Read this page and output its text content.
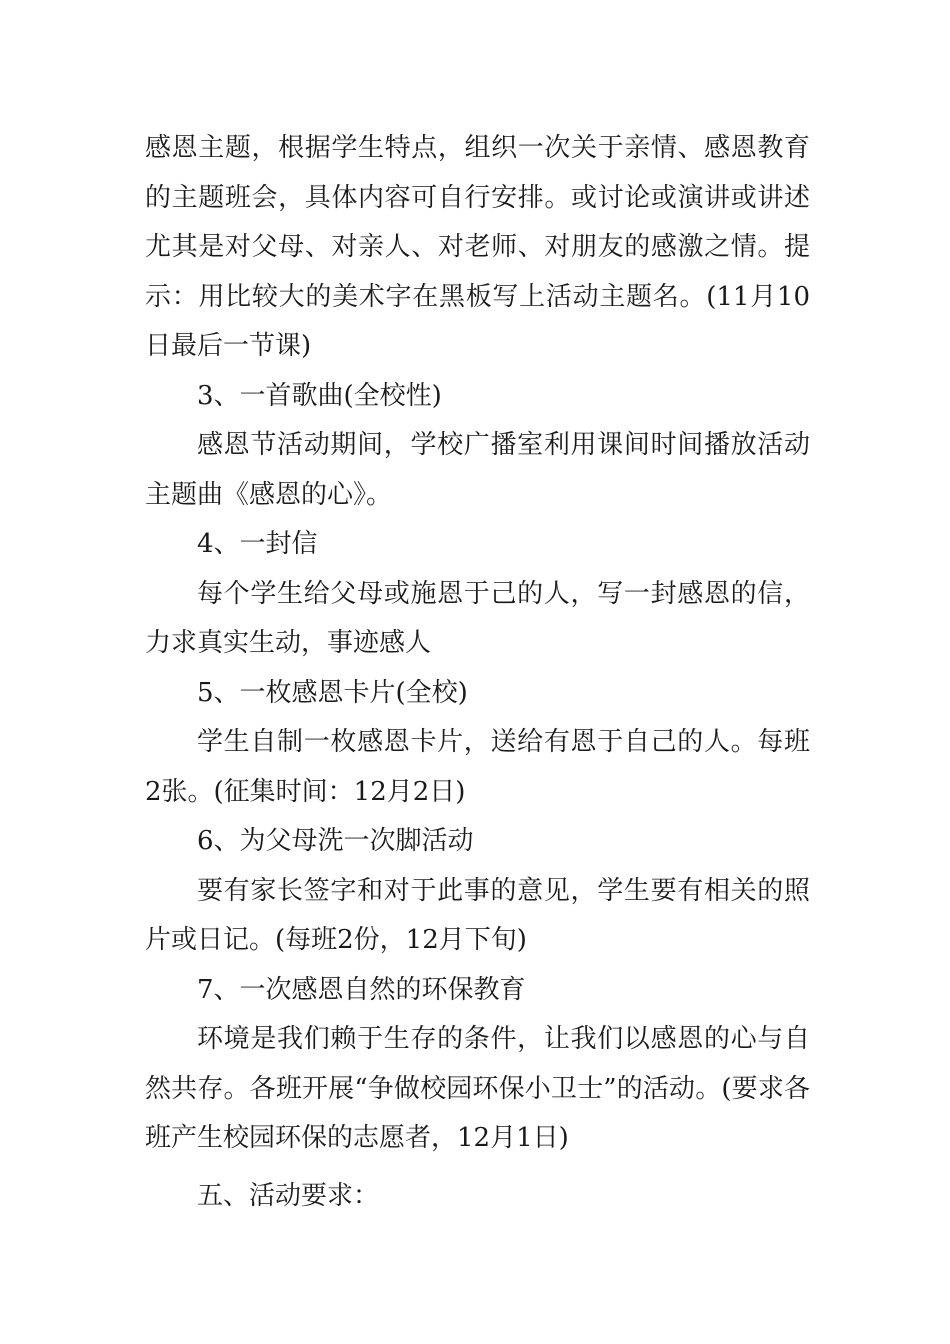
感恩主题，根据学生特点，组织一次关于亲情、感恩教育的主题班会，具体内容可自行安排。或讨论或演讲或讲述尤其是对父母、对亲人、对老师、对朋友的感激之情。提示：用比较大的美术字在黑板写上活动主题名。(11月10日最后一节课)

3、一首歌曲(全校性)

感恩节活动期间，学校广播室利用课间时间播放活动主题曲《感恩的心》。

4、一封信

每个学生给父母或施恩于己的人，写一封感恩的信，力求真实生动，事迹感人

5、一枚感恩卡片(全校)

学生自制一枚感恩卡片，送给有恩于自己的人。每班2张。(征集时间：12月2日)

6、为父母洗一次脚活动

要有家长签字和对于此事的意见，学生要有相关的照片或日记。(每班2份，12月下旬)

7、一次感恩自然的环保教育

环境是我们赖于生存的条件，让我们以感恩的心与自然共存。各班开展“争做校园环保小卫士”的活动。(要求各班产生校园环保的志愿者，12月1日)

五、活动要求：
